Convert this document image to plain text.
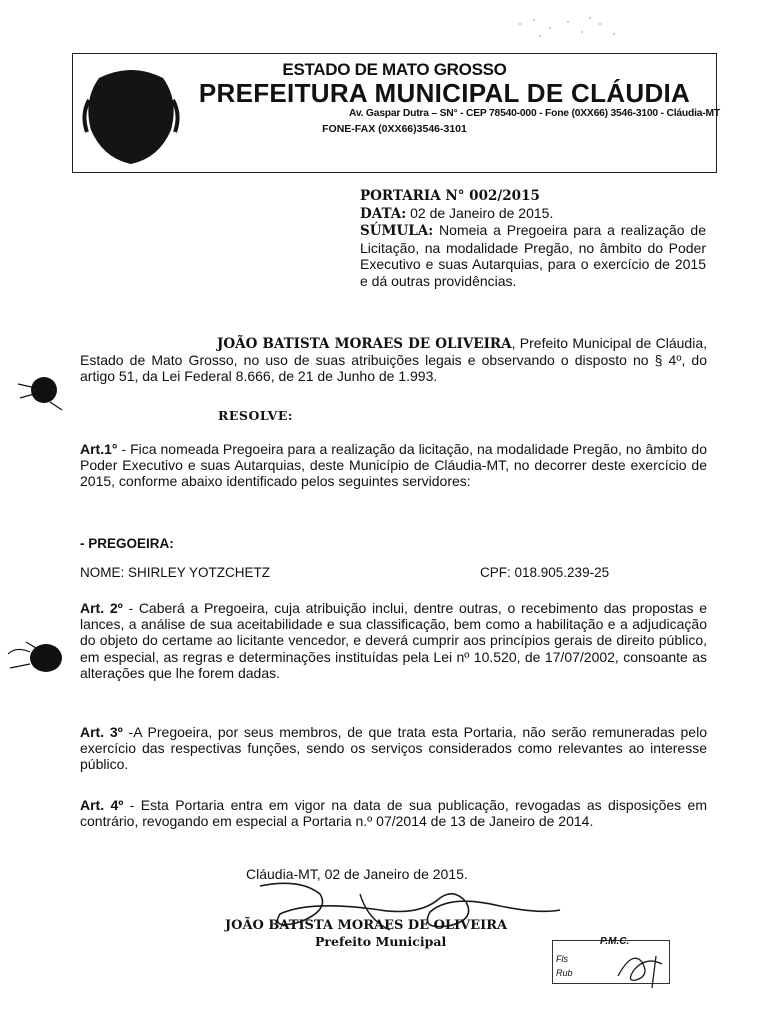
ESTADO DE MATO GROSSO
PREFEITURA MUNICIPAL DE CLÁUDIA
Av. Gaspar Dutra – SN° - CEP 78540-000 - Fone (0XX66) 3546-3100 - Cláudia-MT
FONE-FAX (0XX66)3546-3101
PORTARIA N° 002/2015
DATA: 02 de Janeiro de 2015.
SÚMULA: Nomeia a Pregoeira para a realização de Licitação, na modalidade Pregão, no âmbito do Poder Executivo e suas Autarquias, para o exercício de 2015 e dá outras providências.
JOÃO BATISTA MORAES DE OLIVEIRA, Prefeito Municipal de Cláudia, Estado de Mato Grosso, no uso de suas atribuições legais e observando o disposto no § 4º, do artigo 51, da Lei Federal 8.666, de 21 de Junho de 1.993.
RESOLVE:
Art.1° - Fica nomeada Pregoeira para a realização da licitação, na modalidade Pregão, no âmbito do Poder Executivo e suas Autarquias, deste Município de Cláudia-MT, no decorrer deste exercício de 2015, conforme abaixo identificado pelos seguintes servidores:
- PREGOEIRA:
NOME: SHIRLEY YOTZCHETZ	CPF: 018.905.239-25
Art. 2º - Caberá a Pregoeira, cuja atribuição inclui, dentre outras, o recebimento das propostas e lances, a análise de sua aceitabilidade e sua classificação, bem como a habilitação e a adjudicação do objeto do certame ao licitante vencedor, e deverá cumprir aos princípios gerais de direito público, em especial, as regras e determinações instituídas pela Lei nº 10.520, de 17/07/2002, consoante as alterações que lhe forem dadas.
Art. 3º -A Pregoeira, por seus membros, de que trata esta Portaria, não serão remuneradas pelo exercício das respectivas funções, sendo os serviços considerados como relevantes ao interesse público.
Art. 4º - Esta Portaria entra em vigor na data de sua publicação, revogadas as disposições em contrário, revogando em especial a Portaria n.º 07/2014 de 13 de Janeiro de 2014.
Cláudia-MT, 02 de Janeiro de 2015.
JOÃO BATISTA MORAES DE OLIVEIRA
Prefeito Municipal	P.M.C.
Fls
Rub
